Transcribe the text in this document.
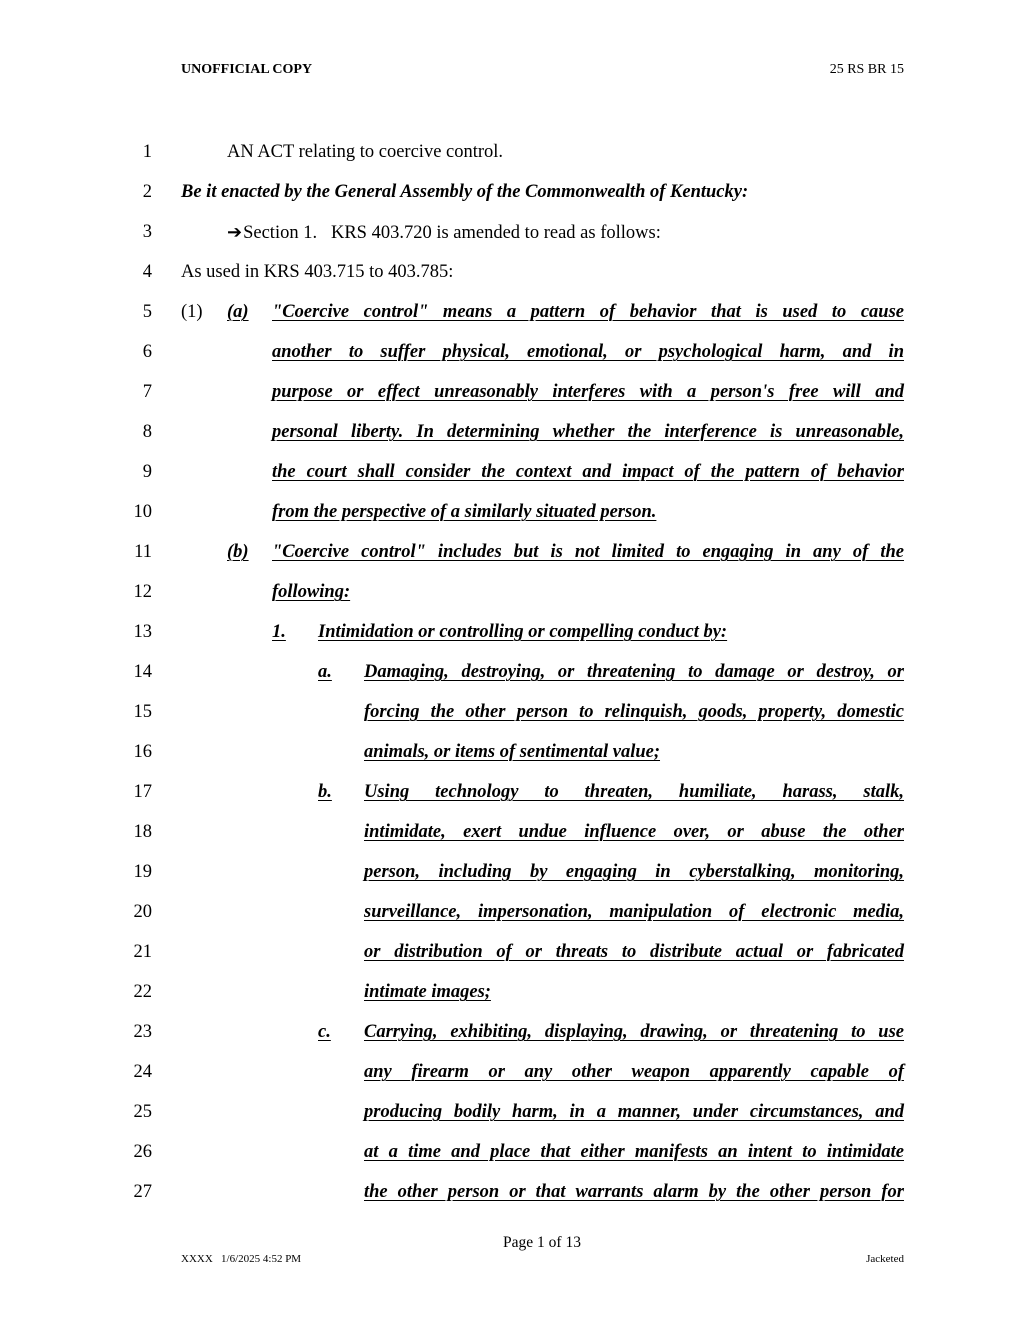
UNOFFICIAL COPY	25 RS BR 15
1	AN ACT relating to coercive control.
2 Be it enacted by the General Assembly of the Commonwealth of Kentucky:
3	➔Section 1.   KRS 403.720 is amended to read as follows:
4 As used in KRS 403.715 to 403.785:
5 (1) (a) "Coercive control" means a pattern of behavior that is used to cause
6	another to suffer physical, emotional, or psychological harm, and in
7	purpose or effect unreasonably interferes with a person's free will and
8	personal liberty. In determining whether the interference is unreasonable,
9	the court shall consider the context and impact of the pattern of behavior
10	from the perspective of a similarly situated person.
11	(b) "Coercive control" includes but is not limited to engaging in any of the
12	following:
13	1. Intimidation or controlling or compelling conduct by:
14	a. Damaging, destroying, or threatening to damage or destroy, or
15	forcing the other person to relinquish, goods, property, domestic
16	animals, or items of sentimental value;
17	b. Using technology to threaten, humiliate, harass, stalk,
18	intimidate, exert undue influence over, or abuse the other
19	person, including by engaging in cyberstalking, monitoring,
20	surveillance, impersonation, manipulation of electronic media,
21	or distribution of or threats to distribute actual or fabricated
22	intimate images;
23	c. Carrying, exhibiting, displaying, drawing, or threatening to use
24	any firearm or any other weapon apparently capable of
25	producing bodily harm, in a manner, under circumstances, and
26	at a time and place that either manifests an intent to intimidate
27	the other person or that warrants alarm by the other person for
Page 1 of 13
XXXX   1/6/2025 4:52 PM	Jacketed
